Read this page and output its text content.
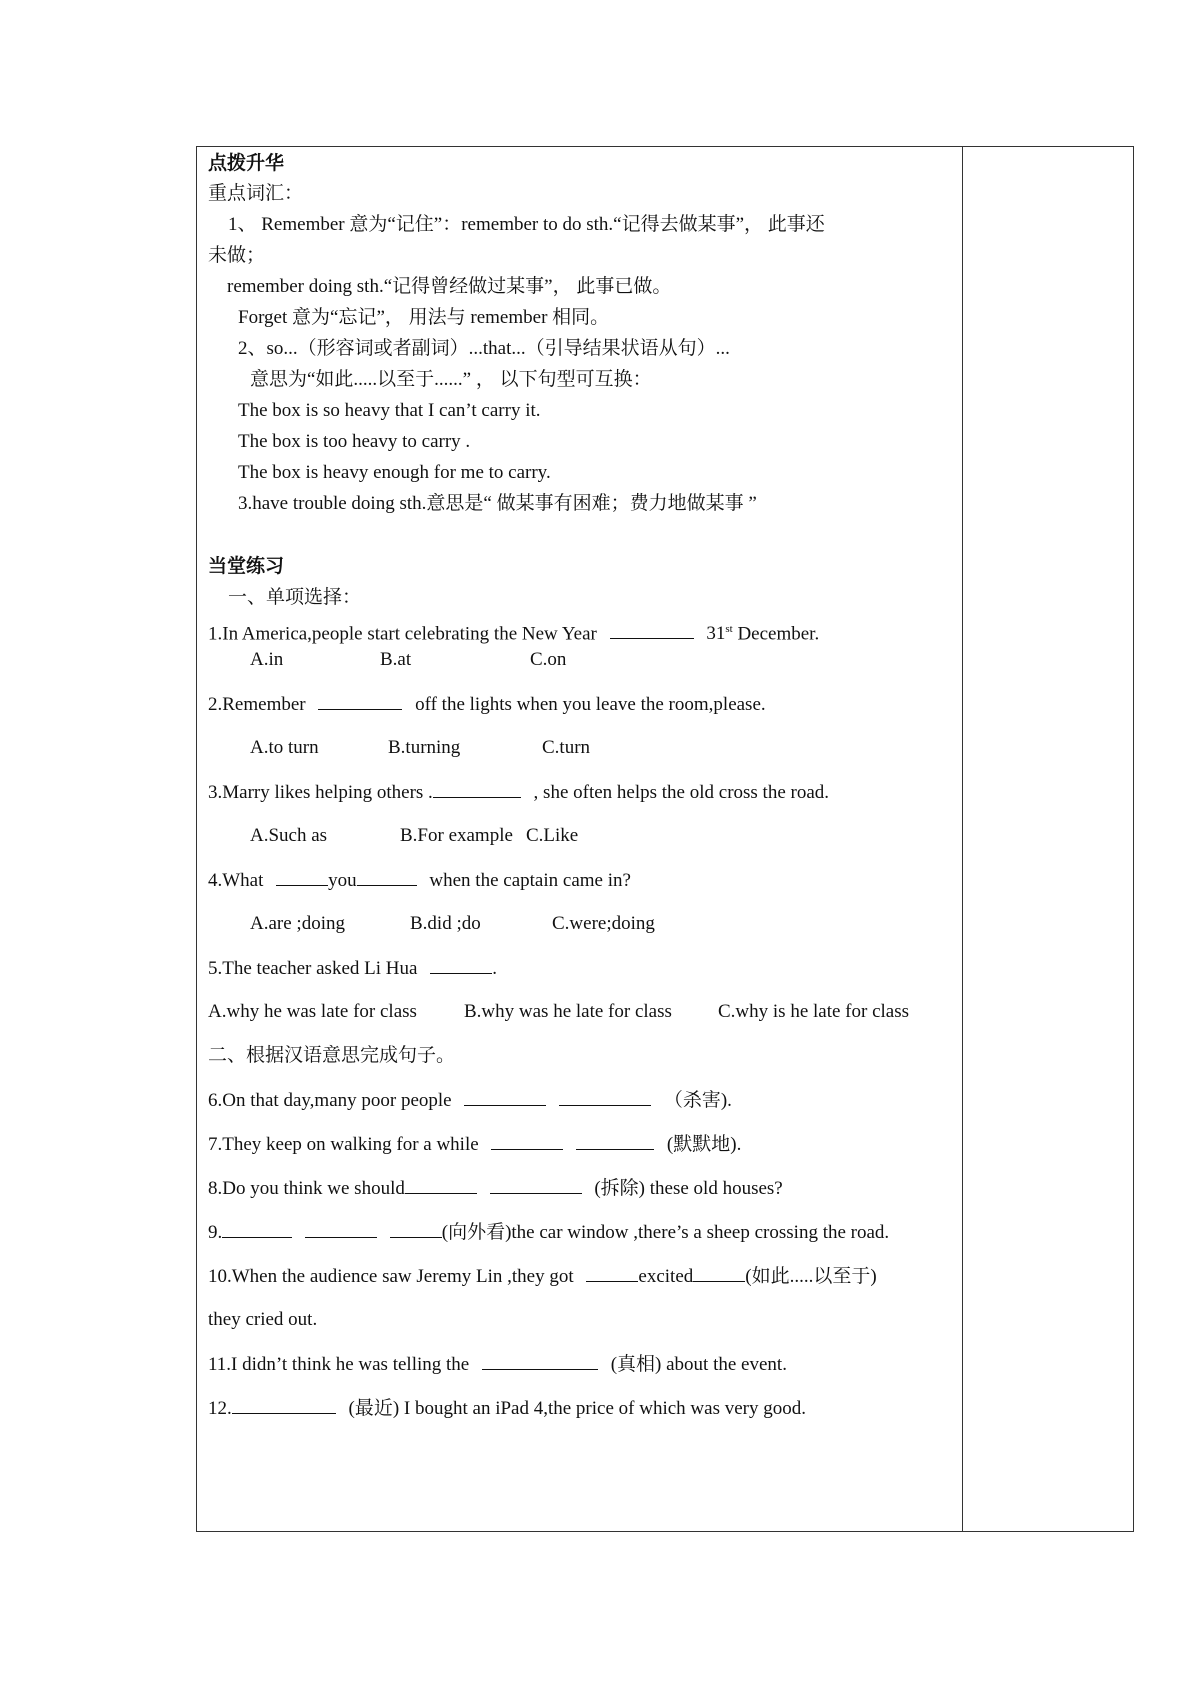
点拨升华
重点词汇：
1、 Remember 意为“记住”：remember to do sth.“记得去做某事”， 此事还
未做；
remember doing sth.“记得曾经做过某事”， 此事已做。
Forget 意为“忘记”， 用法与 remember 相同。
2、so...（形容词或者副词）...that...（引导结果状语从句）...
意思为“如此.....以至于......” ， 以下句型可互换：
The box is so heavy that I can’t carry it.
The box is too heavy to carry .
The box is heavy enough for me to carry.
3.have trouble doing sth.意思是“ 做某事有困难；费力地做某事 ”
当堂练习
一、单项选择：
1.In America,people start celebrating the New Year	31st December.
A.in	B.at	C.on
2.Remember	off the lights when you leave the room,please.
A.to turn	B.turning	C.turn
3.Marry likes helping others .	, she often helps the old cross the road.
A.Such as	B.For example C.Like
4.What	you	when the captain came in?
A.are ;doing	B.did ;do	C.were;doing
5.The teacher asked Li Hua	.
A.why he was late for class B.why was he late for class C.why is he late for class
二、根据汉语意思完成句子。
6.On that day,many poor people	（杀害).
7.They keep on walking for a while	(默默地).
8.Do you think we should	(拆除) these old houses?
9.	(向外看)the car window ,there’s a sheep crossing the road.
10.When the audience saw Jeremy Lin ,they got	excited	(如此.....以至于)
they cried out.
11.I didn’t think he was telling the	(真相) about the event.
12.	(最近) I bought an iPad 4,the price of which was very good.
